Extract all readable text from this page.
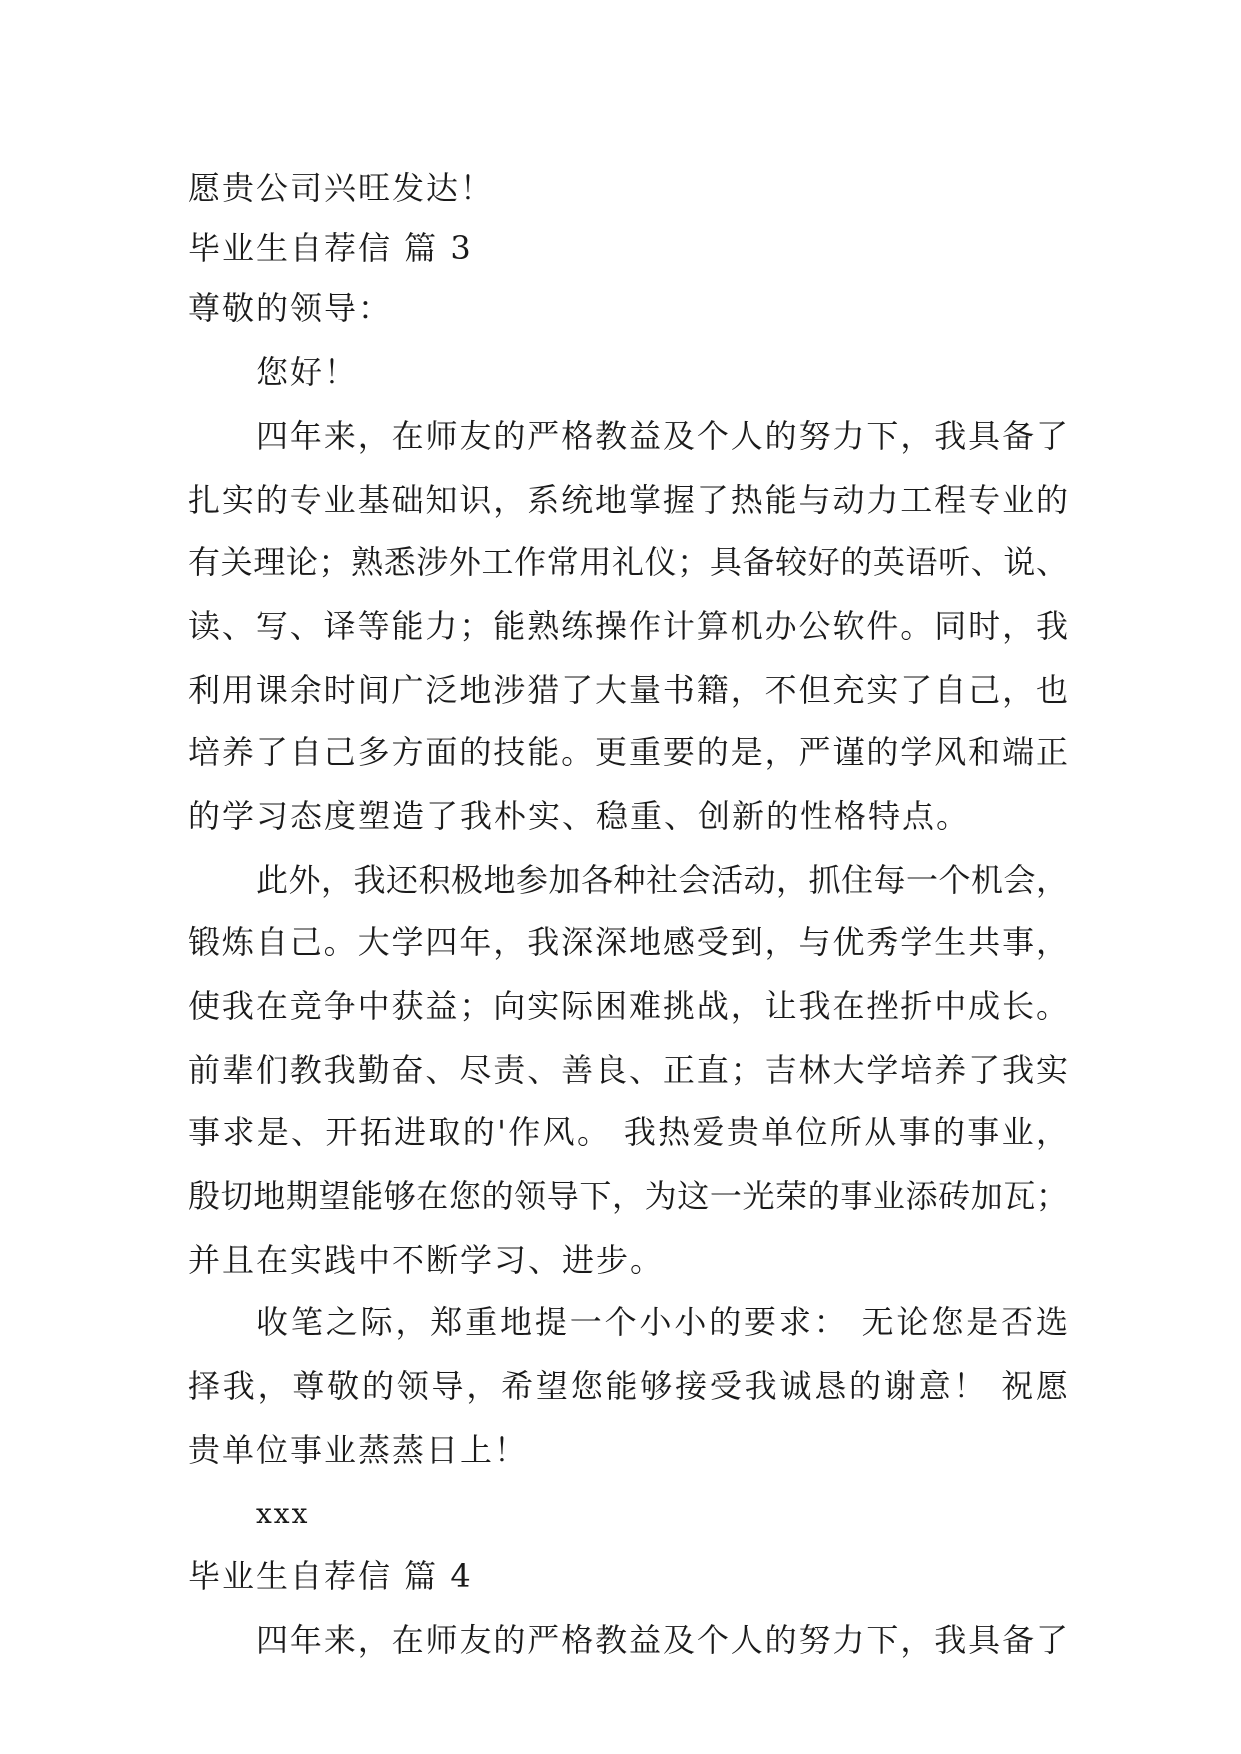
愿贵公司兴旺发达！
毕业生自荐信 篇 3
尊敬的领导：
您好！
四年来，在师友的严格教益及个人的努力下，我具备了
扎实的专业基础知识，系统地掌握了热能与动力工程专业的
有关理论；熟悉涉外工作常用礼仪；具备较好的英语听、说、
读、写、译等能力；能熟练操作计算机办公软件。同时，我
利用课余时间广泛地涉猎了大量书籍，不但充实了自己，也
培养了自己多方面的技能。更重要的是，严谨的学风和端正
的学习态度塑造了我朴实、稳重、创新的性格特点。
此外，我还积极地参加各种社会活动，抓住每一个机会，
锻炼自己。大学四年，我深深地感受到，与优秀学生共事，
使我在竞争中获益；向实际困难挑战，让我在挫折中成长。
前辈们教我勤奋、尽责、善良、正直；吉林大学培养了我实
事求是、开拓进取的'作风。 我热爱贵单位所从事的事业，
殷切地期望能够在您的领导下，为这一光荣的事业添砖加瓦；
并且在实践中不断学习、进步。
收笔之际，郑重地提一个小小的要求： 无论您是否选
择我，尊敬的领导，希望您能够接受我诚恳的谢意！ 祝愿
贵单位事业蒸蒸日上！
xxx
毕业生自荐信 篇 4
四年来，在师友的严格教益及个人的努力下，我具备了
